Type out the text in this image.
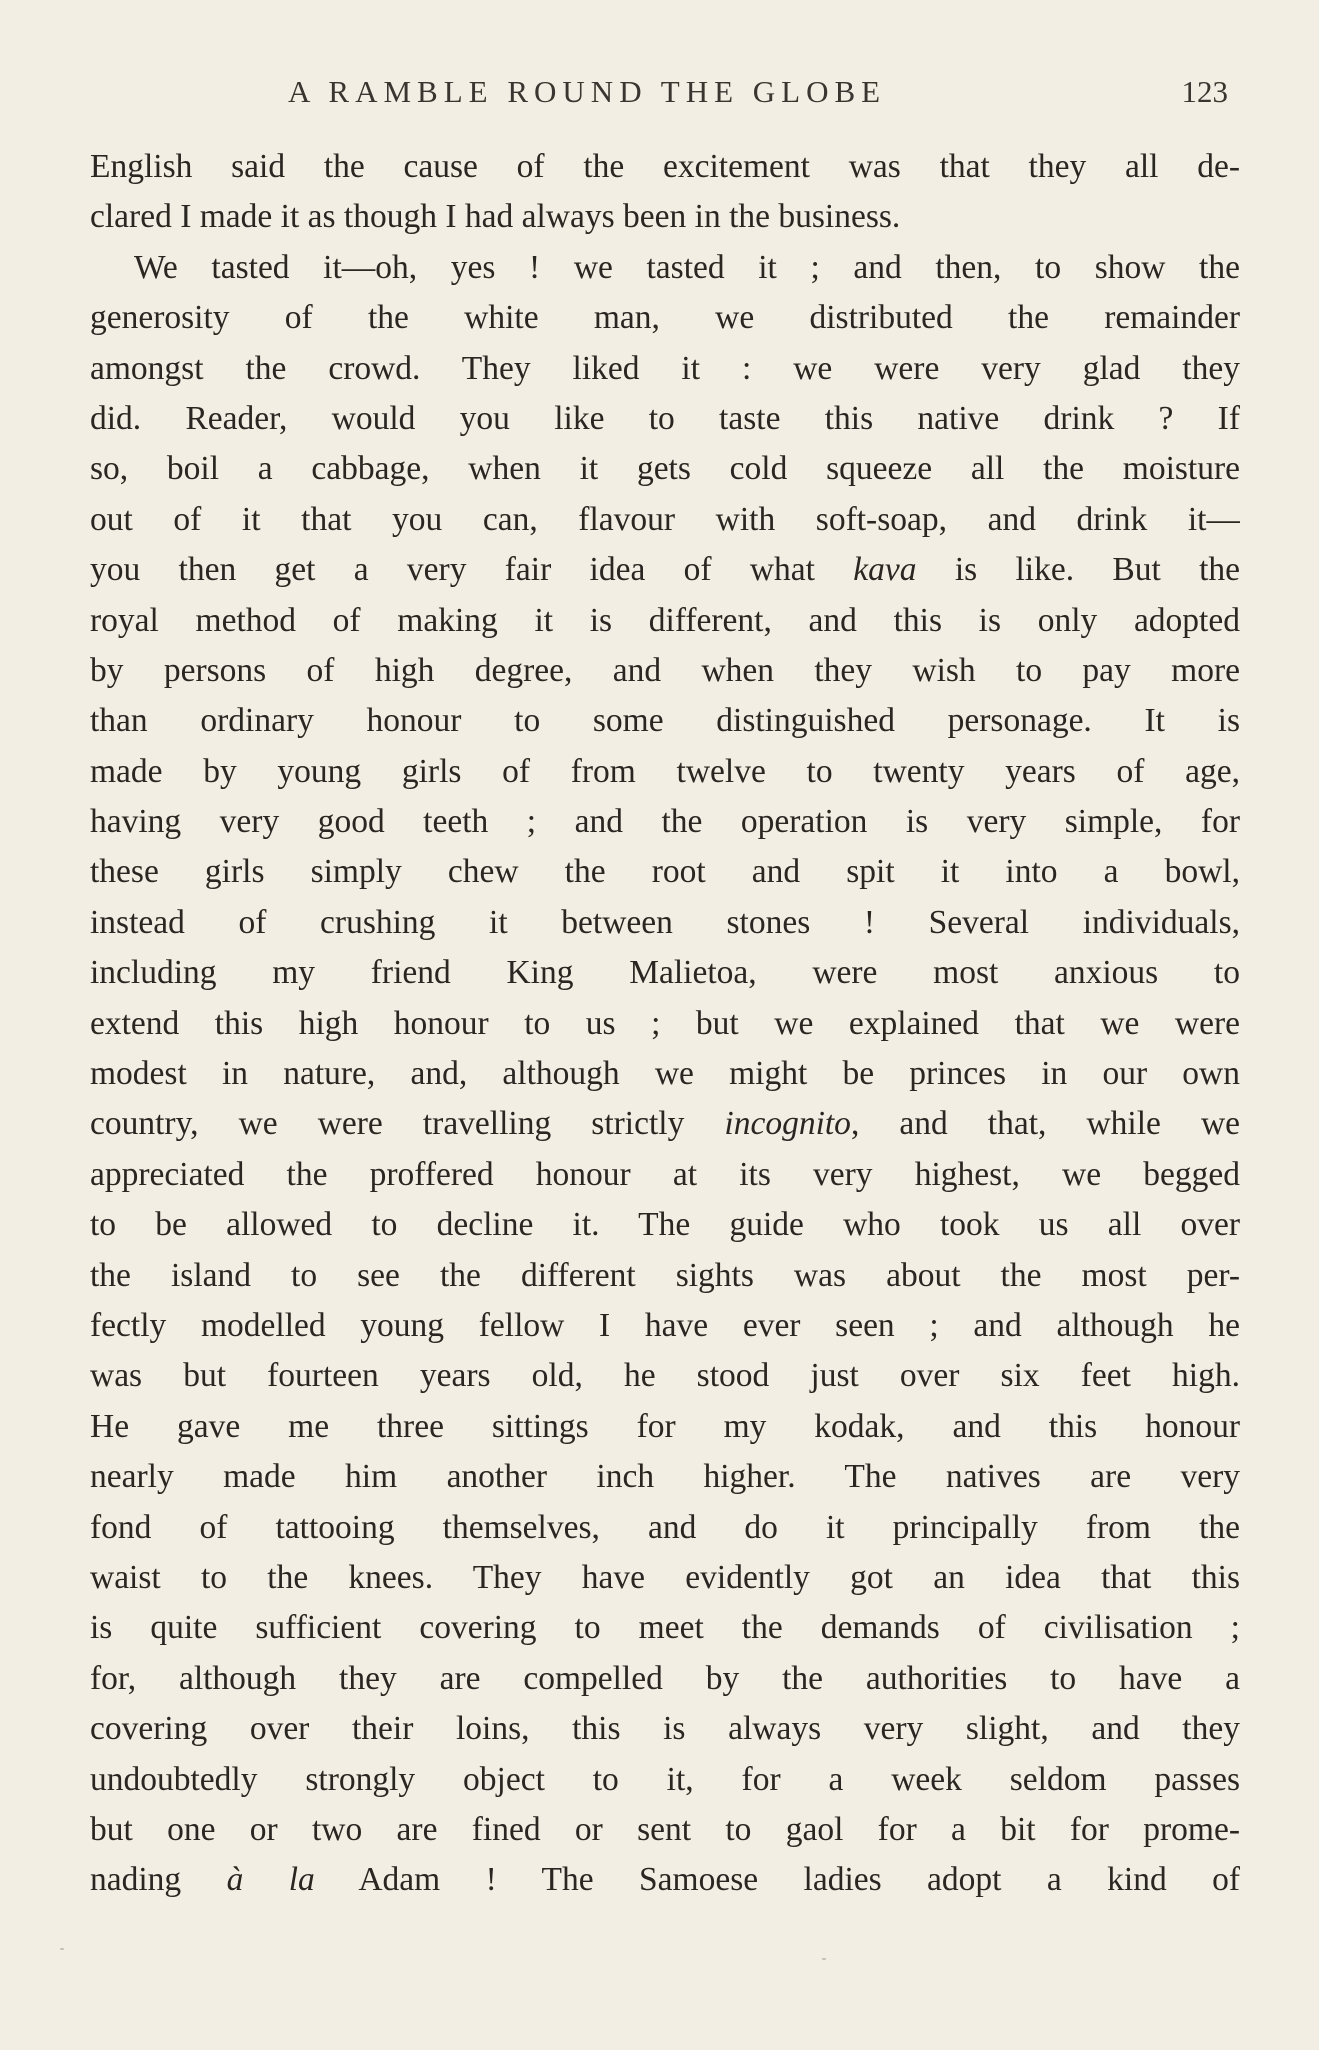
A RAMBLE ROUND THE GLOBE	123
English said the cause of the excitement was that they all de-
clared I made it as though I had always been in the business.
We tasted it—oh, yes ! we tasted it ; and then, to show the
generosity of the white man, we distributed the remainder
amongst the crowd. They liked it : we were very glad they
did. Reader, would you like to taste this native drink ? If
so, boil a cabbage, when it gets cold squeeze all the moisture
out of it that you can, flavour with soft-soap, and drink it—
you then get a very fair idea of what kava is like. But the
royal method of making it is different, and this is only adopted
by persons of high degree, and when they wish to pay more
than ordinary honour to some distinguished personage. It is
made by young girls of from twelve to twenty years of age,
having very good teeth ; and the operation is very simple, for
these girls simply chew the root and spit it into a bowl,
instead of crushing it between stones ! Several individuals,
including my friend King Malietoa, were most anxious to
extend this high honour to us ; but we explained that we were
modest in nature, and, although we might be princes in our own
country, we were travelling strictly incognito, and that, while we
appreciated the proffered honour at its very highest, we begged
to be allowed to decline it. The guide who took us all over
the island to see the different sights was about the most per-
fectly modelled young fellow I have ever seen ; and although he
was but fourteen years old, he stood just over six feet high.
He gave me three sittings for my kodak, and this honour
nearly made him another inch higher. The natives are very
fond of tattooing themselves, and do it principally from the
waist to the knees. They have evidently got an idea that this
is quite sufficient covering to meet the demands of civilisation ;
for, although they are compelled by the authorities to have a
covering over their loins, this is always very slight, and they
undoubtedly strongly object to it, for a week seldom passes
but one or two are fined or sent to gaol for a bit for prome-
nading à la Adam ! The Samoese ladies adopt a kind of
